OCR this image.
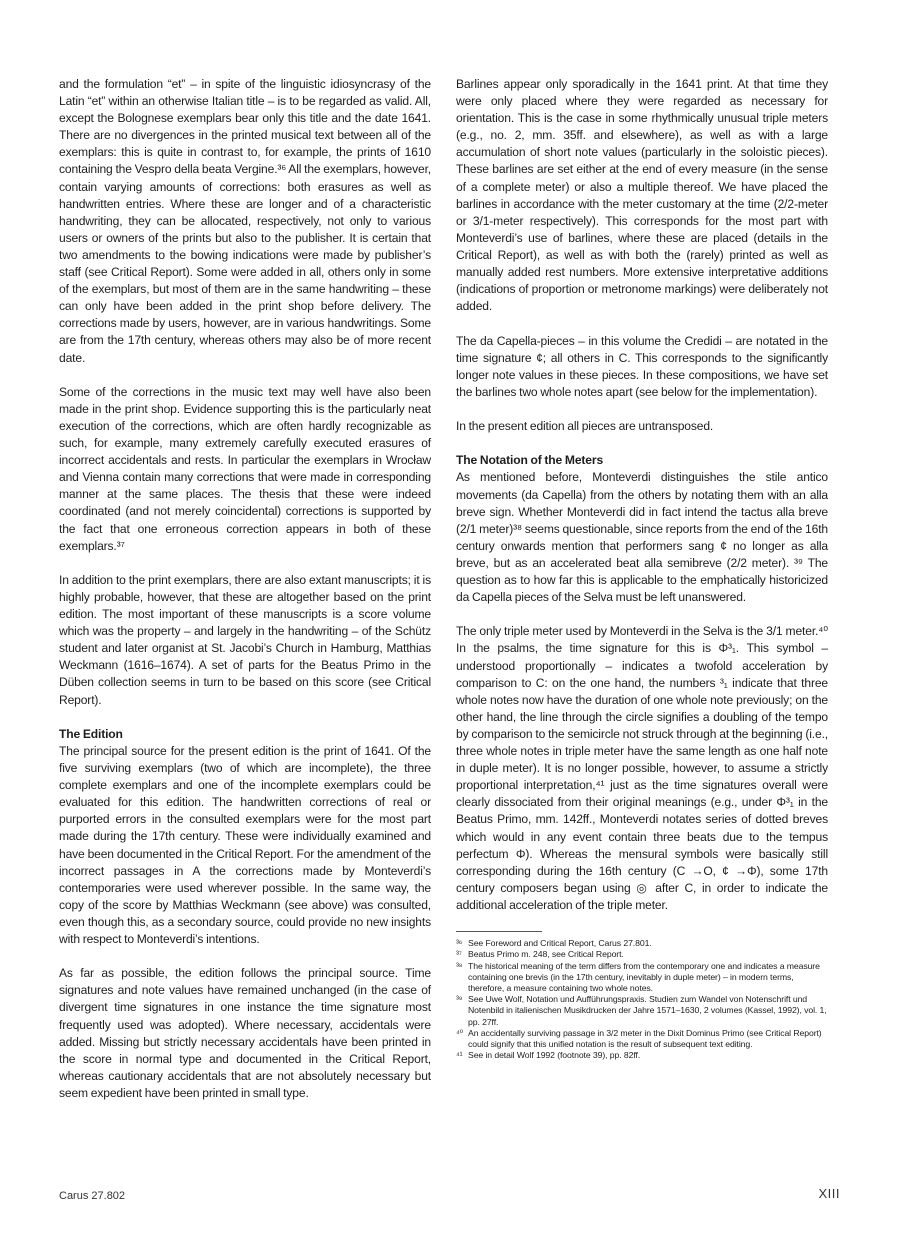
and the formulation “et” – in spite of the linguistic idiosyncrasy of the Latin “et” within an otherwise Italian title – is to be regarded as valid. All, except the Bolognese exemplars bear only this title and the date 1641. There are no divergences in the printed musical text between all of the exemplars: this is quite in contrast to, for example, the prints of 1610 containing the Vespro della beata Vergine.³⁶ All the exemplars, however, contain varying amounts of corrections: both erasures as well as handwritten entries. Where these are longer and of a characteristic handwriting, they can be allocated, respectively, not only to various users or owners of the prints but also to the publisher. It is certain that two amendments to the bowing indications were made by publisher’s staff (see Critical Report). Some were added in all, others only in some of the exemplars, but most of them are in the same handwriting – these can only have been added in the print shop before delivery. The corrections made by users, however, are in various handwritings. Some are from the 17th century, whereas others may also be of more recent date.

Some of the corrections in the music text may well have also been made in the print shop. Evidence supporting this is the particularly neat execution of the corrections, which are often hardly recognizable as such, for example, many extremely carefully executed erasures of incorrect accidentals and rests. In particular the exemplars in Wrocław and Vienna contain many corrections that were made in corresponding manner at the same places. The thesis that these were indeed coordinated (and not merely coincidental) corrections is supported by the fact that one erroneous correction appears in both of these exemplars.³⁷

In addition to the print exemplars, there are also extant manuscripts; it is highly probable, however, that these are altogether based on the print edition. The most important of these manuscripts is a score volume which was the property – and largely in the handwriting – of the Schütz student and later organist at St. Jacobi’s Church in Hamburg, Matthias Weckmann (1616–1674). A set of parts for the Beatus Primo in the Düben collection seems in turn to be based on this score (see Critical Report).

The Edition

The principal source for the present edition is the print of 1641. Of the five surviving exemplars (two of which are incomplete), the three complete exemplars and one of the incomplete exemplars could be evaluated for this edition. The handwritten corrections of real or purported errors in the consulted exemplars were for the most part made during the 17th century. These were individually examined and have been documented in the Critical Report. For the amendment of the incorrect passages in A the corrections made by Monteverdi’s contemporaries were used wherever possible. In the same way, the copy of the score by Matthias Weckmann (see above) was consulted, even though this, as a secondary source, could provide no new insights with respect to Monteverdi’s intentions.

As far as possible, the edition follows the principal source. Time signatures and note values have remained unchanged (in the case of divergent time signatures in one instance the time signature most frequently used was adopted). Where necessary, accidentals were added. Missing but strictly necessary accidentals have been printed in the score in normal type and documented in the Critical Report, whereas cautionary accidentals that are not absolutely necessary but seem expedient have been printed in small type.

Barlines appear only sporadically in the 1641 print. At that time they were only placed where they were regarded as necessary for orientation. This is the case in some rhythmically unusual triple meters (e.g., no. 2, mm. 35ff. and elsewhere), as well as with a large accumulation of short note values (particularly in the soloistic pieces). These barlines are set either at the end of every measure (in the sense of a complete meter) or also a multiple thereof. We have placed the barlines in accordance with the meter customary at the time (2/2-meter or 3/1-meter respectively). This corresponds for the most part with Monteverdi’s use of barlines, where these are placed (details in the Critical Report), as well as with both the (rarely) printed as well as manually added rest numbers. More extensive interpretative additions (indications of proportion or metronome markings) were deliberately not added.

The da Capella-pieces – in this volume the Credidi – are notated in the time signature ¢; all others in C. This corresponds to the significantly longer note values in these pieces. In these compositions, we have set the barlines two whole notes apart (see below for the implementation).

In the present edition all pieces are untransposed.

The Notation of the Meters

As mentioned before, Monteverdi distinguishes the stile antico movements (da Capella) from the others by notating them with an alla breve sign. Whether Monteverdi did in fact intend the tactus alla breve (2/1 meter)³⁸ seems questionable, since reports from the end of the 16th century onwards mention that performers sang ¢ no longer as alla breve, but as an accelerated beat alla semibreve (2/2 meter). ³⁹ The question as to how far this is applicable to the emphatically historicized da Capella pieces of the Selva must be left unanswered.

The only triple meter used by Monteverdi in the Selva is the 3/1 meter.⁴⁰ In the psalms, the time signature for this is Φ³₁. This symbol – understood proportionally – indicates a twofold acceleration by comparison to C: on the one hand, the numbers ³₁ indicate that three whole notes now have the duration of one whole note previously; on the other hand, the line through the circle signifies a doubling of the tempo by comparison to the semicircle not struck through at the beginning (i.e., three whole notes in triple meter have the same length as one half note in duple meter). It is no longer possible, however, to assume a strictly proportional interpretation,⁴¹ just as the time signatures overall were clearly dissociated from their original meanings (e.g., under Φ³₁ in the Beatus Primo, mm. 142ff., Monteverdi notates series of dotted breves which would in any event contain three beats due to the tempus perfectum Φ). Whereas the mensural symbols were basically still corresponding during the 16th century (C →O, ¢ →Φ), some 17th century composers began using ◎ after C, in order to indicate the additional acceleration of the triple meter.

³⁶ See Foreword and Critical Report, Carus 27.801.
³⁷ Beatus Primo m. 248, see Critical Report.
³⁸ The historical meaning of the term differs from the contemporary one and indicates a measure containing one brevis (in the 17th century, inevitably in duple meter) – in modern terms, therefore, a measure containing two whole notes.
³⁹ See Uwe Wolf, Notation und Aufführungspraxis. Studien zum Wandel von Notenschrift und Notenbild in italienischen Musikdrucken der Jahre 1571–1630, 2 volumes (Kassel, 1992), vol. 1, pp. 27ff.
⁴⁰ An accidentally surviving passage in 3/2 meter in the Dixit Dominus Primo (see Critical Report) could signify that this unified notation is the result of subsequent text editing.
⁴¹ See in detail Wolf 1992 (footnote 39), pp. 82ff.
Carus 27.802	XIII
